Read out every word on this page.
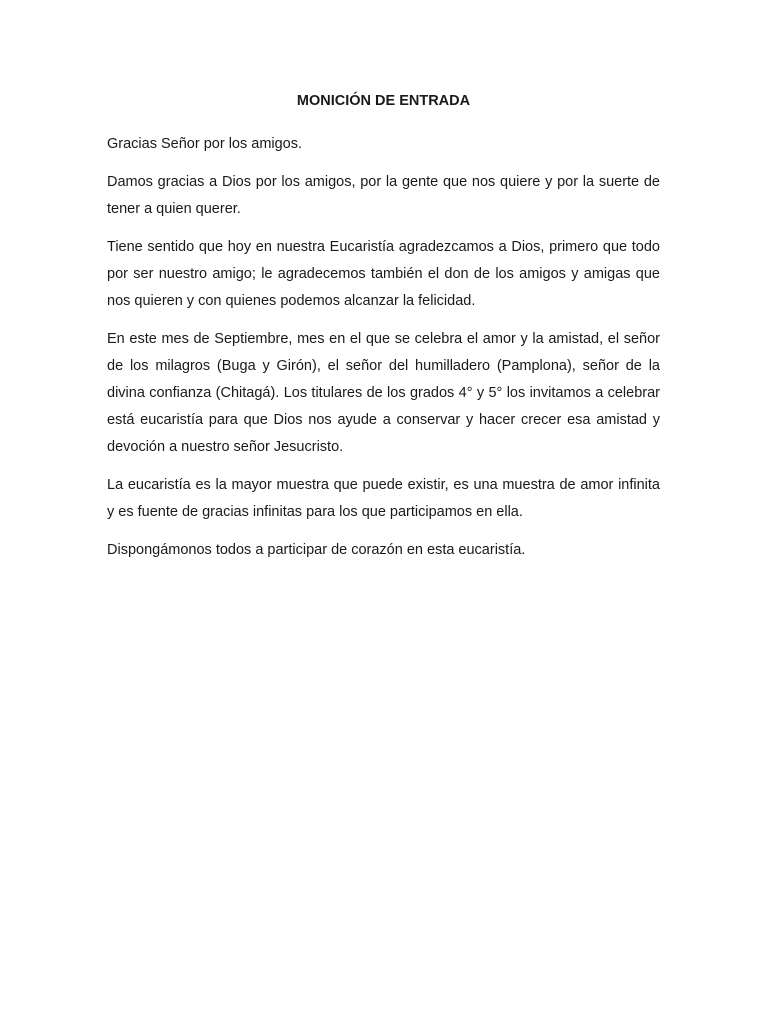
MONICIÓN DE ENTRADA

Gracias Señor por los amigos.

Damos gracias a Dios por los amigos, por la gente que nos quiere y por la suerte de tener a quien querer.

Tiene sentido que hoy en nuestra Eucaristía agradezcamos a Dios, primero que todo por ser nuestro amigo; le agradecemos también el don de los amigos y amigas que nos quieren y con quienes podemos alcanzar la felicidad.

En este mes de Septiembre, mes en el que se celebra el amor y la amistad, el señor de los milagros (Buga y Girón), el señor del humilladero (Pamplona), señor de la divina confianza (Chitagá). Los titulares de los grados 4° y 5° los invitamos a celebrar está eucaristía para que Dios nos ayude a conservar y hacer crecer esa amistad y devoción a nuestro señor Jesucristo.

La eucaristía es la mayor muestra que puede existir, es una muestra de amor infinita y es fuente de gracias infinitas para los que participamos en ella.

Dispongámonos todos a participar de corazón en esta eucaristía.
